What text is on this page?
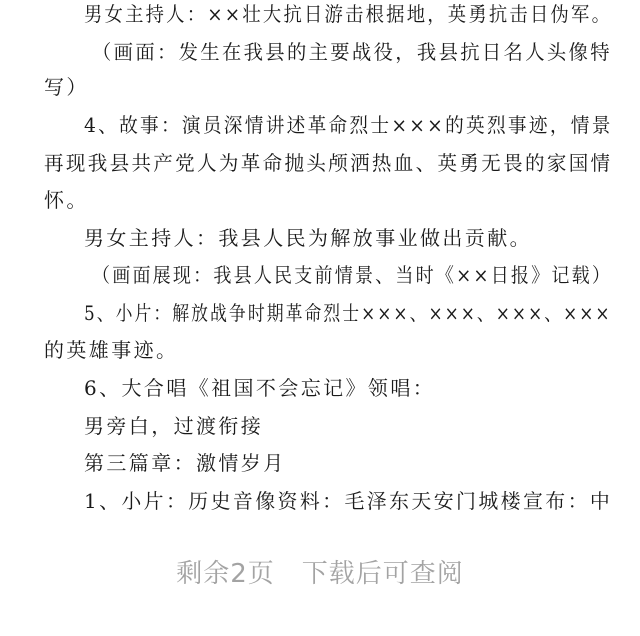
男女主持人：××壮大抗日游击根据地，英勇抗击日伪军。
（画面：发生在我县的主要战役，我县抗日名人头像特
写）
4、故事：演员深情讲述革命烈士×××的英烈事迹，情景
再现我县共产党人为革命抛头颅洒热血、英勇无畏的家国情
怀。
男女主持人：我县人民为解放事业做出贡献。
（画面展现：我县人民支前情景、当时《××日报》记载）
5、小片：解放战争时期革命烈士×××、×××、×××、×××
的英雄事迹。
6、大合唱《祖国不会忘记》领唱：
男旁白，过渡衔接
第三篇章：激情岁月
1、小片：历史音像资料：毛泽东天安门城楼宣布：中
剩余2页　下载后可查阅
